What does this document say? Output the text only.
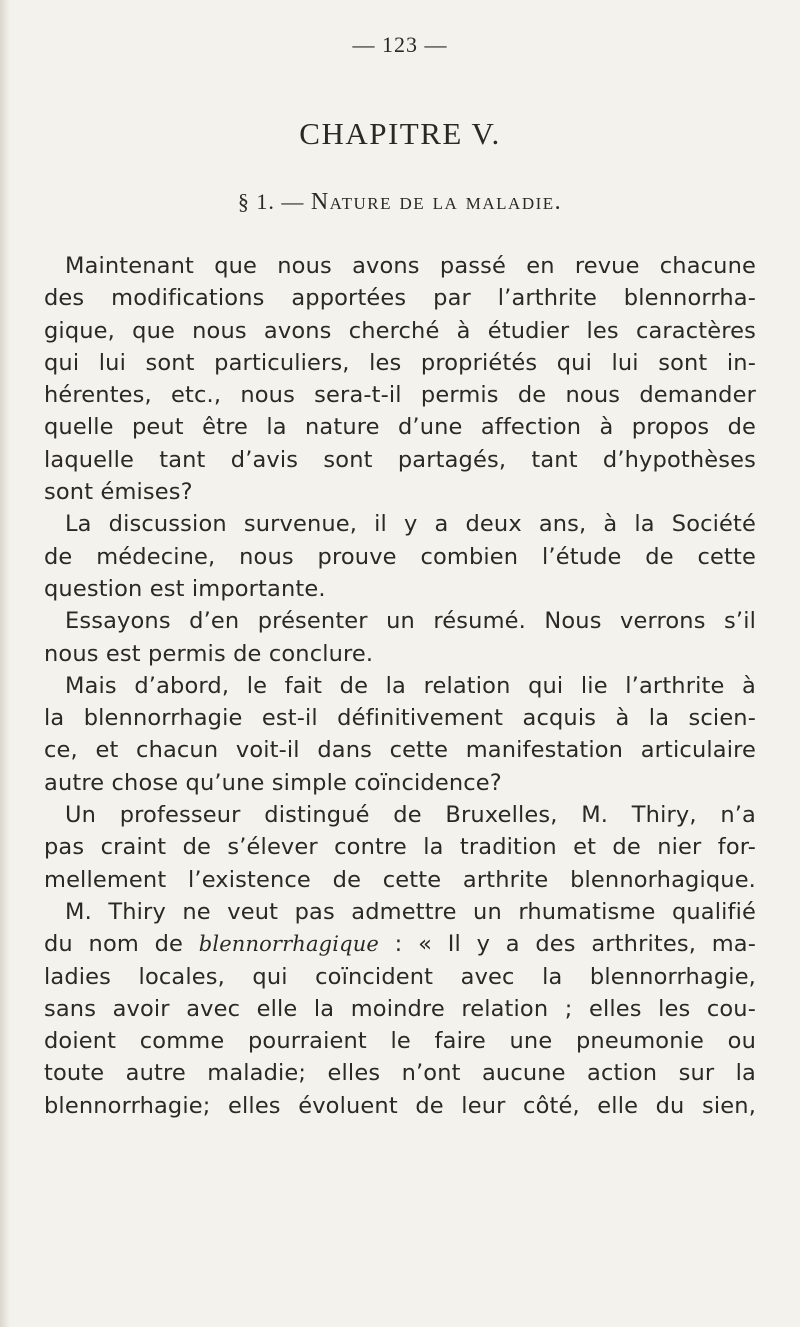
— 123 —
CHAPITRE V.
§ 1. — Nature de la maladie.
Maintenant que nous avons passé en revue chacune
des modifications apportées par l’arthrite blennorrha-
gique, que nous avons cherché à étudier les caractères
qui lui sont particuliers, les propriétés qui lui sont in-
hérentes, etc., nous sera-t-il permis de nous demander
quelle peut être la nature d’une affection à propos de
laquelle tant d’avis sont partagés, tant d’hypothèses
sont émises?
La discussion survenue, il y a deux ans, à la Société
de médecine, nous prouve combien l’étude de cette
question est importante.
Essayons d’en présenter un résumé. Nous verrons s’il
nous est permis de conclure.
Mais d’abord, le fait de la relation qui lie l’arthrite à
la blennorrhagie est-il définitivement acquis à la scien-
ce, et chacun voit-il dans cette manifestation articulaire
autre chose qu’une simple coïncidence?
Un professeur distingué de Bruxelles, M. Thiry, n’a
pas craint de s’élever contre la tradition et de nier for-
mellement l’existence de cette arthrite blennorhagique.
M. Thiry ne veut pas admettre un rhumatisme qualifié
du nom de blennorrhagique : « Il y a des arthrites, ma-
ladies locales, qui coïncident avec la blennorrhagie,
sans avoir avec elle la moindre relation ; elles les cou-
doient comme pourraient le faire une pneumonie ou
toute autre maladie; elles n’ont aucune action sur la
blennorrhagie; elles évoluent de leur côté, elle du sien,
